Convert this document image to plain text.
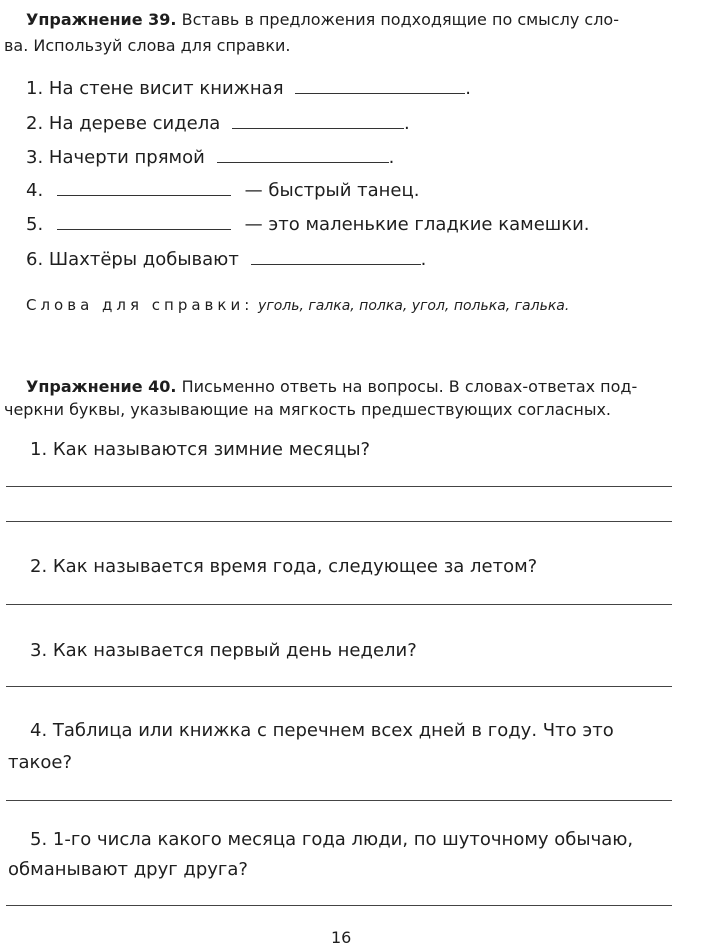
Упражнение 39. Вставь в предложения подходящие по смыслу сло-
ва. Используй слова для справки.
1. На стене висит книжная	.
2. На дереве сидела	.
3. Начерти прямой	.
4.	— быстрый танец.
5.	— это маленькие гладкие камешки.
6. Шахтёры добывают	.
Слова для справки: уголь, галка, полка, угол, полька, галька.
Упражнение 40. Письменно ответь на вопросы. В словах-ответах под-
черкни буквы, указывающие на мягкость предшествующих согласных.
1. Как называются зимние месяцы?
2. Как называется время года, следующее за летом?
3. Как называется первый день недели?
4. Таблица или книжка с перечнем всех дней в году. Что это
такое?
5. 1-го числа какого месяца года люди, по шуточному обычаю,
обманывают друг друга?
16
